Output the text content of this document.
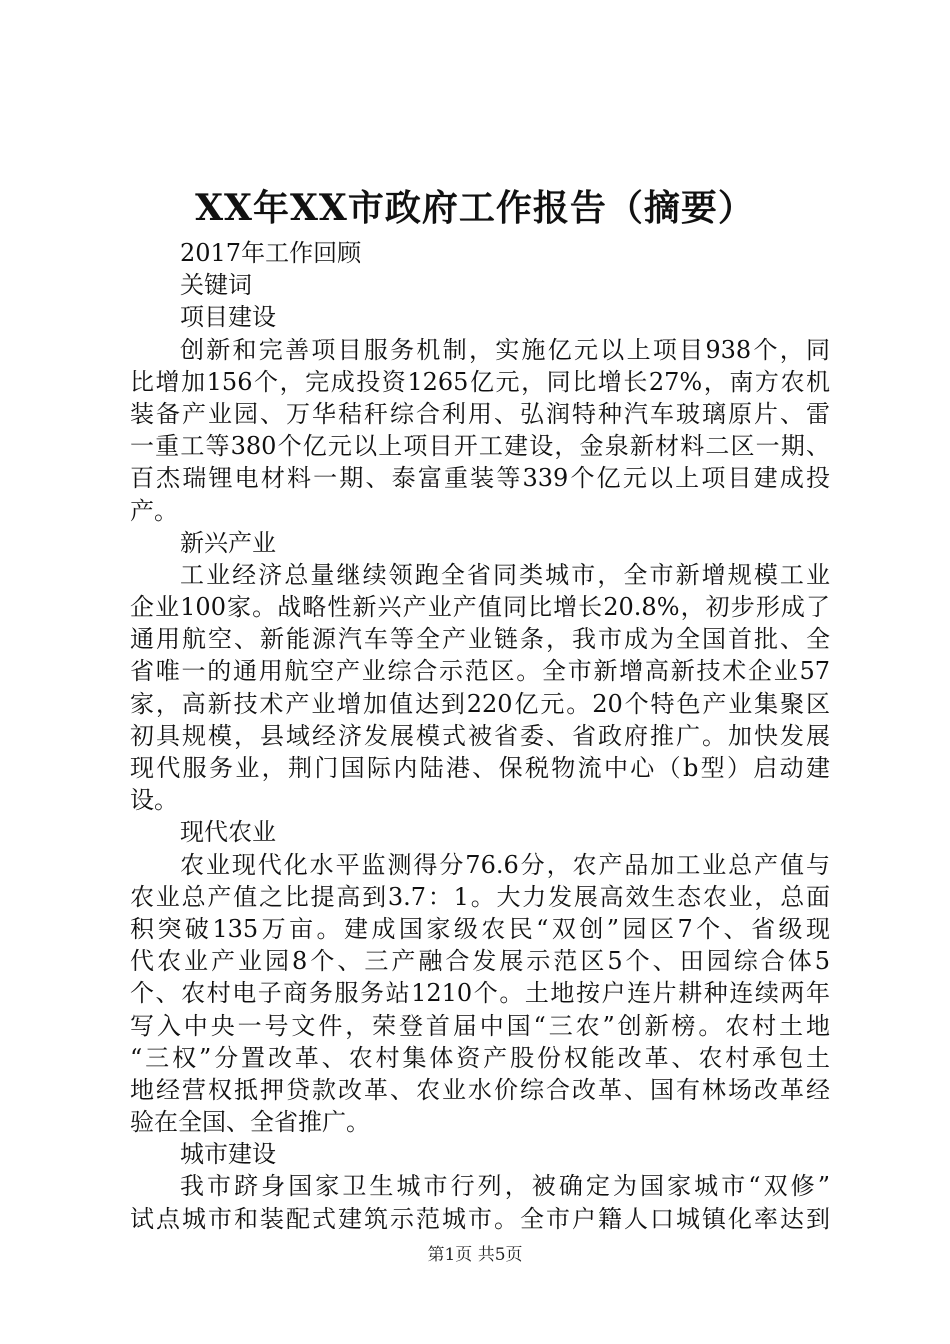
XX年XX市政府工作报告（摘要）
2017年工作回顾
关键词
项目建设
创新和完善项目服务机制，实施亿元以上项目938个，同
比增加156个，完成投资1265亿元，同比增长27%，南方农机
装备产业园、万华秸秆综合利用、弘润特种汽车玻璃原片、雷
一重工等380个亿元以上项目开工建设，金泉新材料二区一期、
百杰瑞锂电材料一期、泰富重装等339个亿元以上项目建成投
产。
新兴产业
工业经济总量继续领跑全省同类城市，全市新增规模工业
企业100家。战略性新兴产业产值同比增长20.8%，初步形成了
通用航空、新能源汽车等全产业链条，我市成为全国首批、全
省唯一的通用航空产业综合示范区。全市新增高新技术企业57
家，高新技术产业增加值达到220亿元。20个特色产业集聚区
初具规模，县域经济发展模式被省委、省政府推广。加快发展
现代服务业，荆门国际内陆港、保税物流中心（b型）启动建
设。
现代农业
农业现代化水平监测得分76.6分，农产品加工业总产值与
农业总产值之比提高到3.7：1。大力发展高效生态农业，总面
积突破135万亩。建成国家级农民“双创”园区7个、省级现
代农业产业园8个、三产融合发展示范区5个、田园综合体5
个、农村电子商务服务站1210个。土地按户连片耕种连续两年
写入中央一号文件，荣登首届中国“三农”创新榜。农村土地
“三权”分置改革、农村集体资产股份权能改革、农村承包土
地经营权抵押贷款改革、农业水价综合改革、国有林场改革经
验在全国、全省推广。
城市建设
我市跻身国家卫生城市行列，被确定为国家城市“双修”
试点城市和装配式建筑示范城市。全市户籍人口城镇化率达到
第1页 共5页
